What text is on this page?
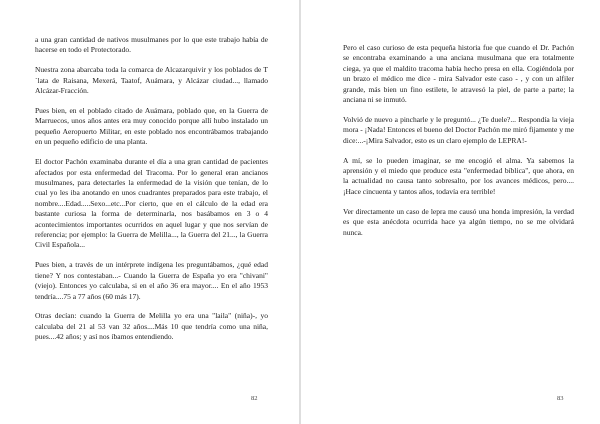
a una gran cantidad de nativos musulmanes por lo que este trabajo había de hacerse en todo el Protectorado.

Nuestra zona abarcaba toda la comarca de Alcazarquivir y los poblados de T´lata de Raisana, Mexerá, Taatof, Auámara, y Alcázar ciudad..., llamado Alcázar-Fracción.

Pues bien, en el poblado citado de Auámara, poblado que, en la Guerra de Marruecos, unos años antes era muy conocido porque allí hubo instalado un pequeño Aeropuerto Militar, en este poblado nos encontrábamos trabajando en un pequeño edificio de una planta.

El doctor Pachón examinaba durante el día a una gran cantidad de pacientes afectados por esta enfermedad del Tracoma. Por lo general eran ancianos musulmanes, para detectarles la enfermedad de la visión que tenían, de lo cual yo les iba anotando en unos cuadrantes preparados para este trabajo, el nombre....Edad.....Sexo...etc...Por cierto, que en el cálculo de la edad era bastante curiosa la forma de determinarla, nos basábamos en 3 o 4 acontecimientos importantes ocurridos en aquel lugar y que nos servían de referencia; por ejemplo: la Guerra de Melilla..., la Guerra del 21..., la Guerra Civil Española...

Pues bien, a través de un intérprete indígena les preguntábamos, ¿qué edad tiene? Y nos contestaban...- Cuando la Guerra de España yo era "chivani" (viejo). Entonces yo calculaba, si en el año 36 era mayor.... En el año 1953 tendría....75 a 77 años (60 más 17).

Otras decían: cuando la Guerra de Melilla yo era una "laila" (niña)-, yo calculaba del 21 al 53 van 32 años....Más 10 que tendría como una niña, pues....42 años; y así nos íbamos entendiendo.

82

Pero el caso curioso de esta pequeña historia fue que cuando el Dr. Pachón se encontraba examinando a una anciana musulmana que era totalmente ciega, ya que el maldito tracoma había hecho presa en ella. Cogiéndola por un brazo el médico me dice - mira Salvador este caso - , y con un alfiler grande, más bien un fino estilete, le atravesó la piel, de parte a parte; la anciana ni se inmutó.

Volvió de nuevo a pincharle y le preguntó... ¿Te duele?... Respondía la vieja mora - ¡Nada! Entonces el bueno del Doctor Pachón me miró fijamente y me dice:...-¡Mira Salvador, esto es un claro ejemplo de LEPRA!-

A mí, se lo pueden imaginar, se me encogió el alma. Ya sabemos la aprensión y el miedo que produce esta "enfermedad bíblica", que ahora, en la actualidad no causa tanto sobresalto, por los avances médicos, pero.... ¡Hace cincuenta y tantos años, todavía era terrible!

Ver directamente un caso de lepra me causó una honda impresión, la verdad es que esta anécdota ocurrida hace ya algún tiempo, no se me olvidará nunca.

83
